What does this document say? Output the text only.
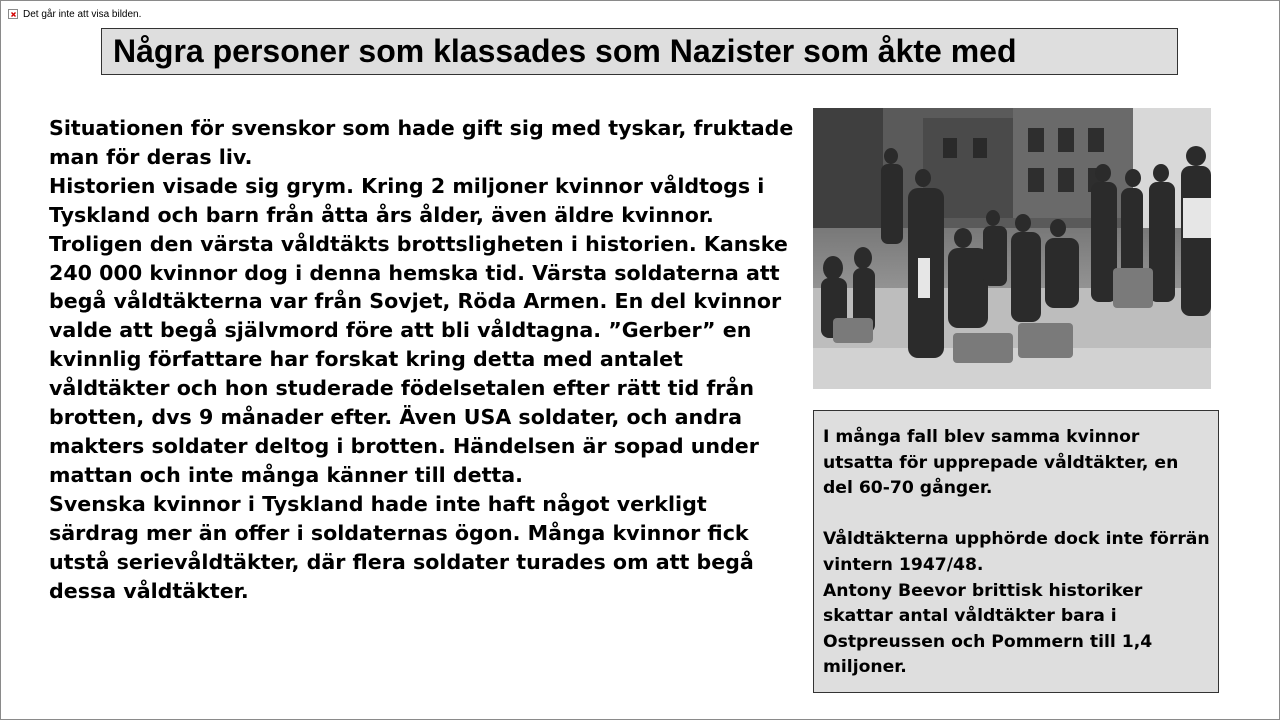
Det går inte att visa bilden.
Några personer som klassades som Nazister som åkte med

Situationen för svenskor som hade gift sig med tyskar, fruktade man för deras liv.

Historien visade sig grym. Kring 2 miljoner kvinnor våldtogs i Tyskland och barn från åtta års ålder, även äldre kvinnor. Troligen den värsta våldtäkts brottsligheten i historien. Kanske 240 000 kvinnor dog i denna hemska tid. Värsta soldaterna att begå våldtäkterna var från Sovjet, Röda Armen. En del kvinnor valde att begå självmord före att bli våldtagna. ”Gerber” en kvinnlig författare har forskat kring detta med antalet våldtäkter och hon studerade födelsetalen efter rätt tid från brotten, dvs 9 månader efter. Även USA soldater, och andra makters soldater deltog i brotten. Händelsen är sopad under mattan och inte många känner till detta.

Svenska kvinnor i Tyskland hade inte haft något verkligt särdrag mer än offer i soldaternas ögon. Många kvinnor fick utstå serievåldtäkter, där flera soldater turades om att begå dessa våldtäkter.

I många fall blev samma kvinnor utsatta för upprepade våldtäkter, en del 60-70 gånger.

Våldtäkterna upphörde dock inte förrän vintern 1947/48.

Antony Beevor brittisk historiker skattar antal våldtäkter bara i Ostpreussen och Pommern till 1,4 miljoner.
